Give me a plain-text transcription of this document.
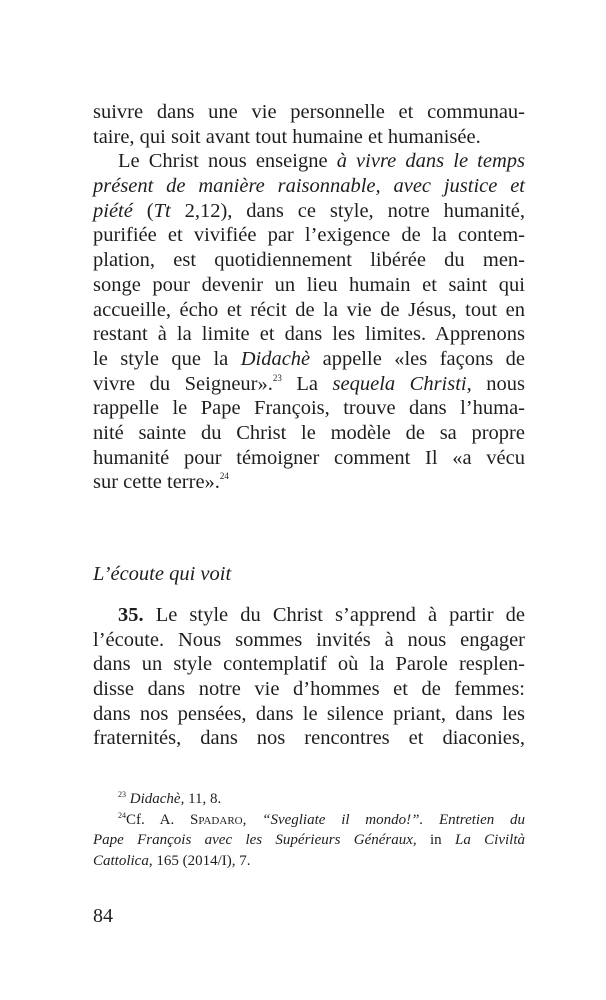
suivre dans une vie personnelle et communau-
taire, qui soit avant tout humaine et humanisée.
Le Christ nous enseigne à vivre dans le temps
présent de manière raisonnable, avec justice et
piété (Tt 2,12), dans ce style, notre humanité,
purifiée et vivifiée par l’exigence de la contem-
plation, est quotidiennement libérée du men-
songe pour devenir un lieu humain et saint qui
accueille, écho et récit de la vie de Jésus, tout en
restant à la limite et dans les limites. Apprenons
le style que la Didachè appelle «les façons de
vivre du Seigneur».$^{23}$ La sequela Christi, nous
rappelle le Pape François, trouve dans l’huma-
nité sainte du Christ le modèle de sa propre
humanité pour témoigner comment Il «a vécu
sur cette terre».$^{24}$
L’écoute qui voit
35. Le style du Christ s’apprend à partir de
l’écoute. Nous sommes invités à nous engager
dans un style contemplatif où la Parole resplen-
disse dans notre vie d’hommes et de femmes:
dans nos pensées, dans le silence priant, dans les
fraternités, dans nos rencontres et diaconies,
$^{23}$ Didachè, 11, 8.
$^{24}$Cf. A. Spadaro, “Svegliate il mondo!”. Entretien du
Pape François avec les Supérieurs Généraux, in La Civiltà
Cattolica, 165 (2014/I), 7.
84
